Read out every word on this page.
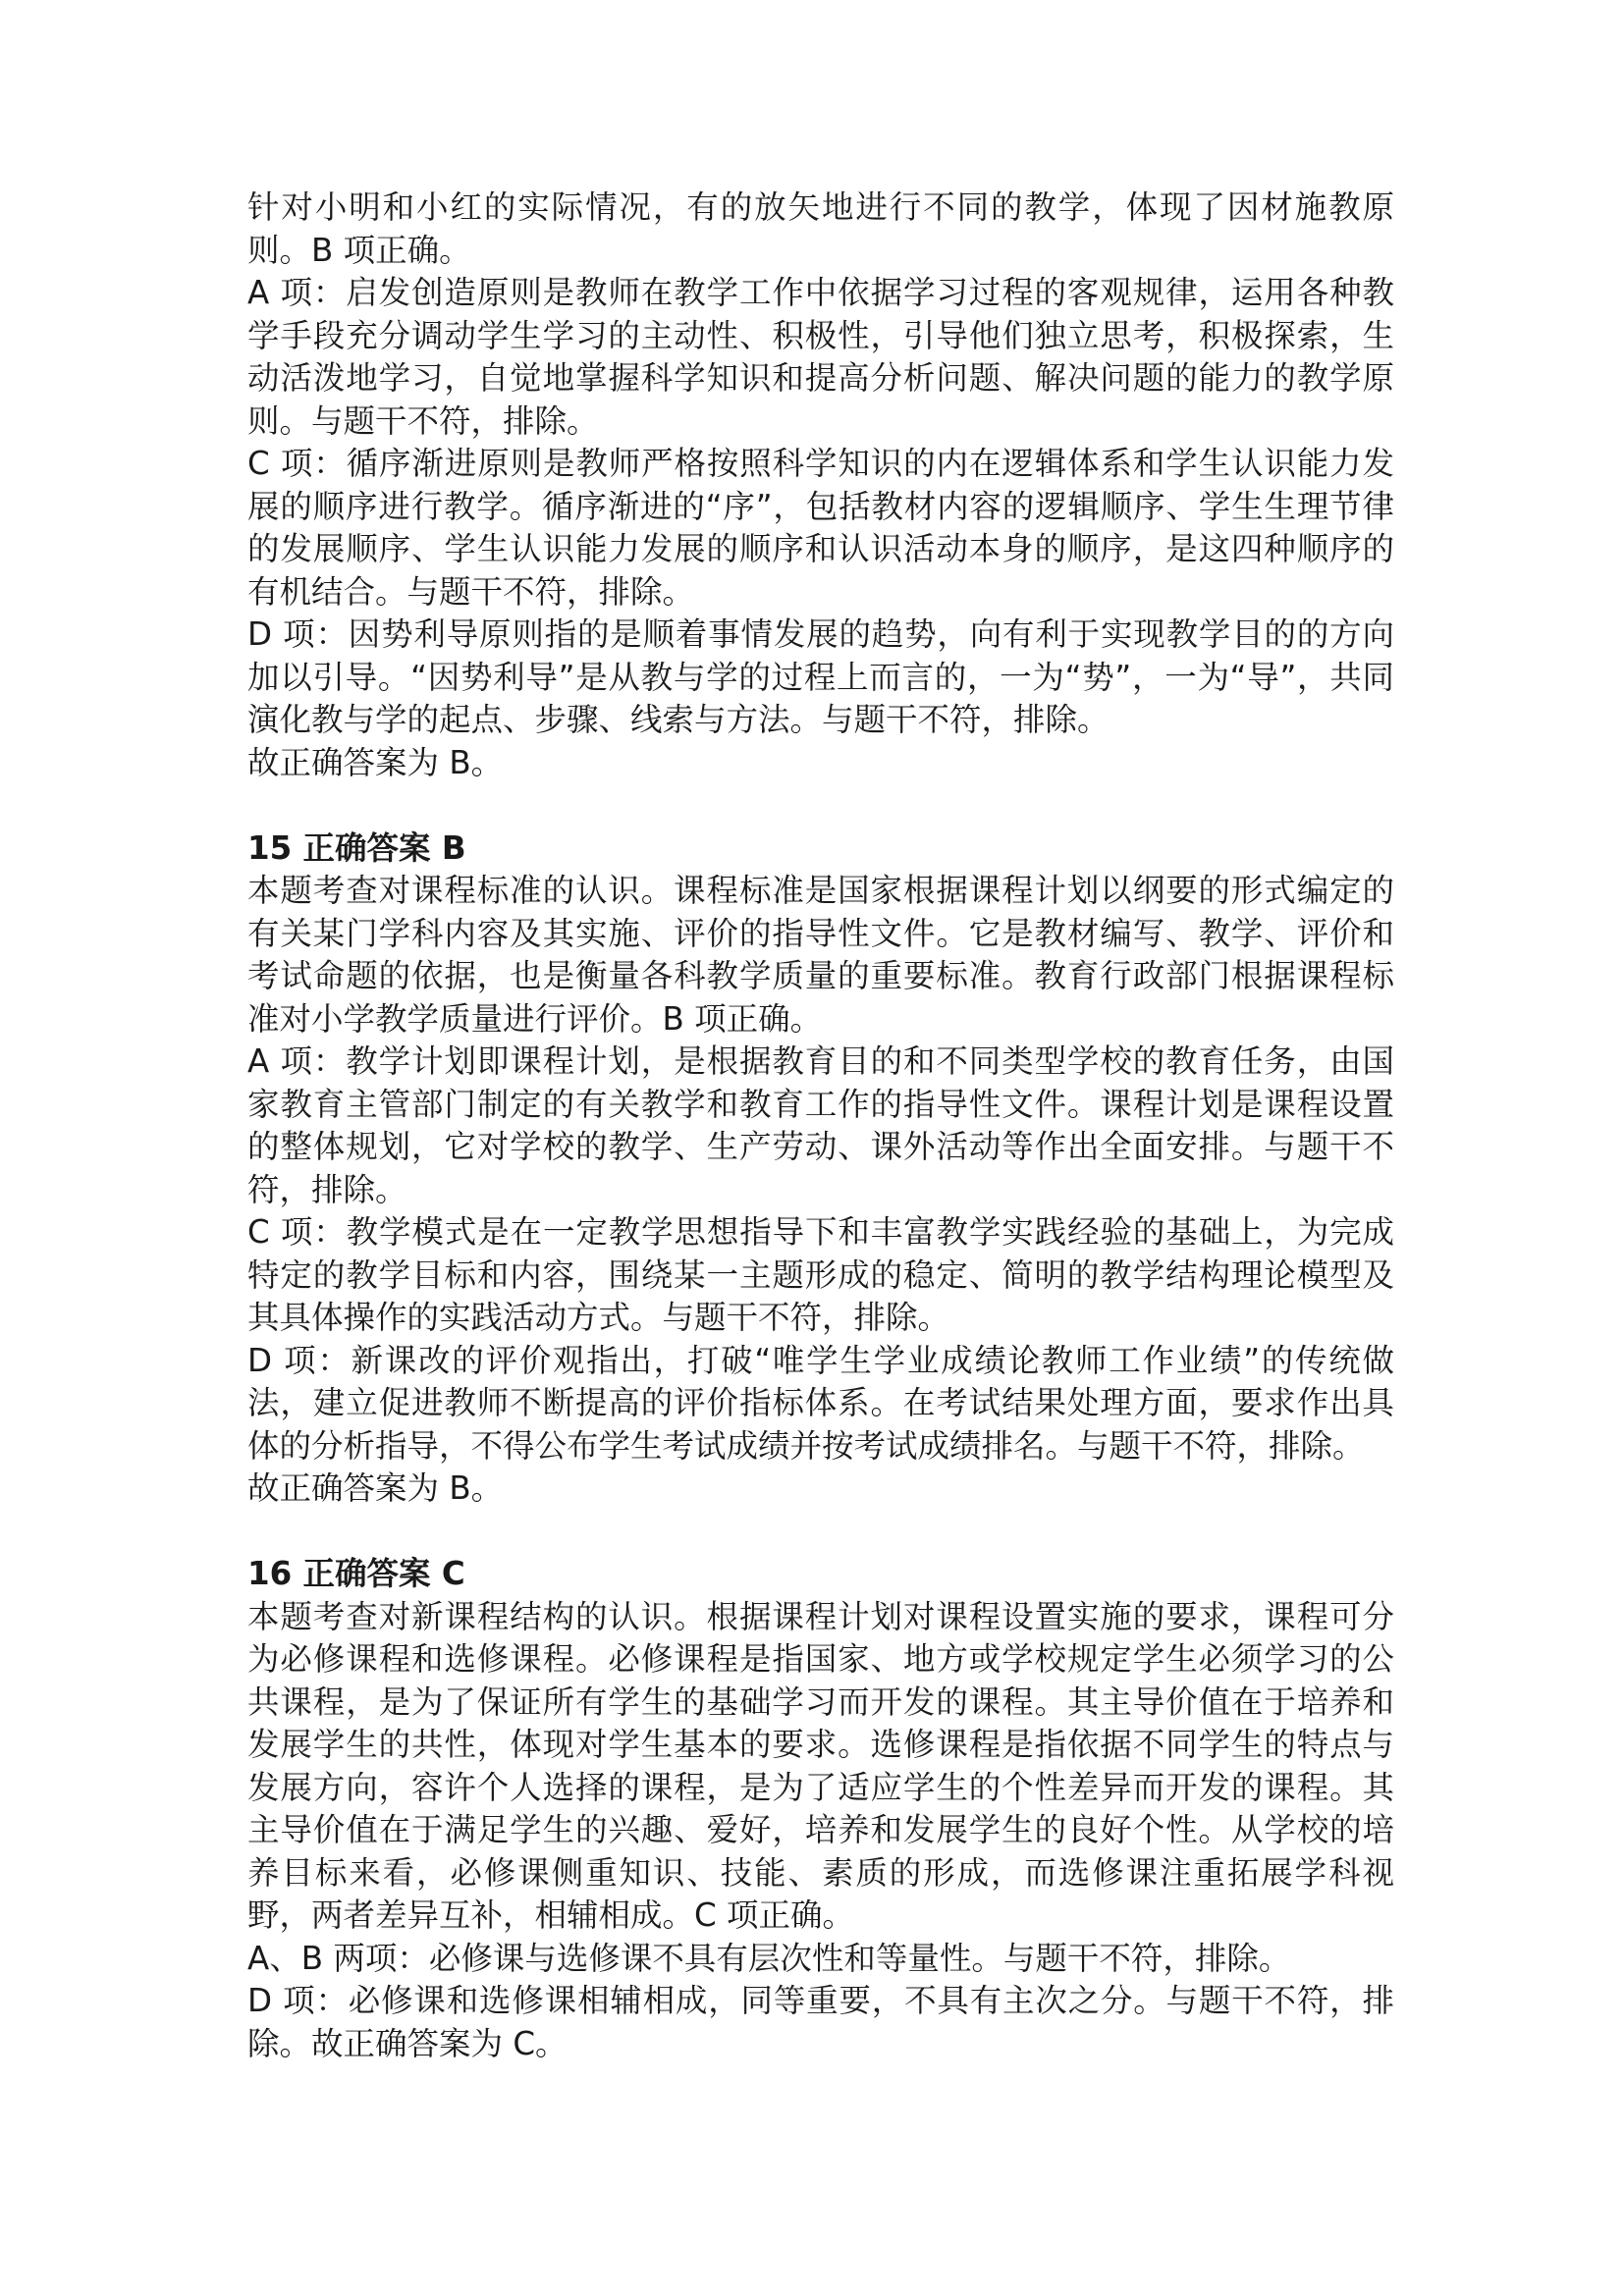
针对小明和小红的实际情况，有的放矢地进行不同的教学，体现了因材施教原则。B 项正确。

A 项：启发创造原则是教师在教学工作中依据学习过程的客观规律，运用各种教学手段充分调动学生学习的主动性、积极性，引导他们独立思考，积极探索，生动活泼地学习，自觉地掌握科学知识和提高分析问题、解决问题的能力的教学原则。与题干不符，排除。

C 项：循序渐进原则是教师严格按照科学知识的内在逻辑体系和学生认识能力发展的顺序进行教学。循序渐进的“序”，包括教材内容的逻辑顺序、学生生理节律的发展顺序、学生认识能力发展的顺序和认识活动本身的顺序，是这四种顺序的有机结合。与题干不符，排除。

D 项：因势利导原则指的是顺着事情发展的趋势，向有利于实现教学目的的方向加以引导。“因势利导”是从教与学的过程上而言的，一为“势”，一为“导”，共同演化教与学的起点、步骤、线索与方法。与题干不符，排除。

故正确答案为 B。

15 正确答案 B

本题考查对课程标准的认识。课程标准是国家根据课程计划以纲要的形式编定的有关某门学科内容及其实施、评价的指导性文件。它是教材编写、教学、评价和考试命题的依据，也是衡量各科教学质量的重要标准。教育行政部门根据课程标准对小学教学质量进行评价。B 项正确。

A 项：教学计划即课程计划，是根据教育目的和不同类型学校的教育任务，由国家教育主管部门制定的有关教学和教育工作的指导性文件。课程计划是课程设置的整体规划，它对学校的教学、生产劳动、课外活动等作出全面安排。与题干不符，排除。

C 项：教学模式是在一定教学思想指导下和丰富教学实践经验的基础上，为完成特定的教学目标和内容，围绕某一主题形成的稳定、简明的教学结构理论模型及其具体操作的实践活动方式。与题干不符，排除。

D 项：新课改的评价观指出，打破“唯学生学业成绩论教师工作业绩”的传统做法，建立促进教师不断提高的评价指标体系。在考试结果处理方面，要求作出具体的分析指导，不得公布学生考试成绩并按考试成绩排名。与题干不符，排除。

故正确答案为 B。

16 正确答案 C

本题考查对新课程结构的认识。根据课程计划对课程设置实施的要求，课程可分为必修课程和选修课程。必修课程是指国家、地方或学校规定学生必须学习的公共课程，是为了保证所有学生的基础学习而开发的课程。其主导价值在于培养和发展学生的共性，体现对学生基本的要求。选修课程是指依据不同学生的特点与发展方向，容许个人选择的课程，是为了适应学生的个性差异而开发的课程。其主导价值在于满足学生的兴趣、爱好，培养和发展学生的良好个性。从学校的培养目标来看，必修课侧重知识、技能、素质的形成，而选修课注重拓展学科视野，两者差异互补，相辅相成。C 项正确。

A、B 两项：必修课与选修课不具有层次性和等量性。与题干不符，排除。

D 项：必修课和选修课相辅相成，同等重要，不具有主次之分。与题干不符，排除。故正确答案为 C。
